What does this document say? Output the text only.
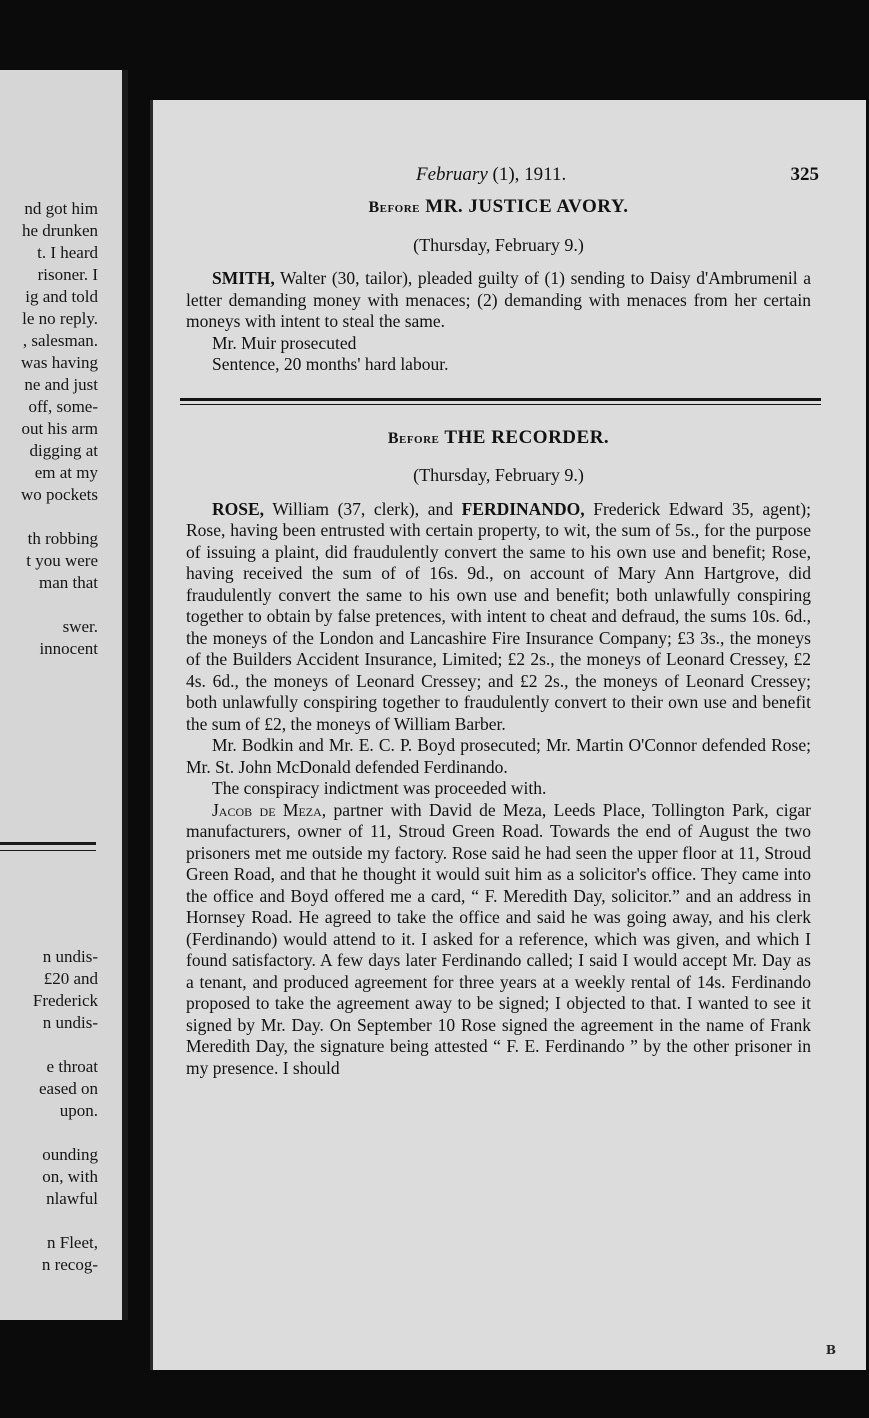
nd got him
he drunken
t. I heard
risoner. I
ig and told
le no reply.
, salesman.
was having
ne and just
off, some-
out his arm
digging at
em at my
wo pockets
th robbing
t you were
man that
swer.
innocent
n undis-
£20 and
Frederick
n undis-
e throat
eased on
upon.
ounding
on, with
nlawful
n Fleet,
n recog-
February (1), 1911.	325
Before MR. JUSTICE AVORY.
(Thursday, February 9.)

SMITH, Walter (30, tailor), pleaded guilty of (1) sending to Daisy d'Ambrumenil a letter demanding money with menaces; (2) demanding with menaces from her certain moneys with intent to steal the same.

Mr. Muir prosecuted

Sentence, 20 months' hard labour.

Before THE RECORDER.
(Thursday, February 9.)

ROSE, William (37, clerk), and FERDINANDO, Frederick Edward 35, agent); Rose, having been entrusted with certain property, to wit, the sum of 5s., for the purpose of issuing a plaint, did fraudulently convert the same to his own use and benefit; Rose, having received the sum of of 16s. 9d., on account of Mary Ann Hartgrove, did fraudulently convert the same to his own use and benefit; both unlawfully conspiring together to obtain by false pretences, with intent to cheat and defraud, the sums 10s. 6d., the moneys of the London and Lancashire Fire Insurance Company; £3 3s., the moneys of the Builders Accident Insurance, Limited; £2 2s., the moneys of Leonard Cressey, £2 4s. 6d., the moneys of Leonard Cressey; and £2 2s., the moneys of Leonard Cressey; both unlawfully conspiring together to fraudulently convert to their own use and benefit the sum of £2, the moneys of William Barber.

Mr. Bodkin and Mr. E. C. P. Boyd prosecuted; Mr. Martin O'Connor defended Rose; Mr. St. John McDonald defended Ferdinando.

The conspiracy indictment was proceeded with.

Jacob de Meza, partner with David de Meza, Leeds Place, Tollington Park, cigar manufacturers, owner of 11, Stroud Green Road. Towards the end of August the two prisoners met me outside my factory. Rose said he had seen the upper floor at 11, Stroud Green Road, and that he thought it would suit him as a solicitor's office. They came into the office and Boyd offered me a card, “ F. Meredith Day, solicitor.” and an address in Hornsey Road. He agreed to take the office and said he was going away, and his clerk (Ferdinando) would attend to it. I asked for a reference, which was given, and which I found satisfactory. A few days later Ferdinando called; I said I would accept Mr. Day as a tenant, and produced agreement for three years at a weekly rental of 14s. Ferdinando proposed to take the agreement away to be signed; I objected to that. I wanted to see it signed by Mr. Day. On September 10 Rose signed the agreement in the name of Frank Meredith Day, the signature being attested “ F. E. Ferdinando ” by the other prisoner in my presence. I should

B
